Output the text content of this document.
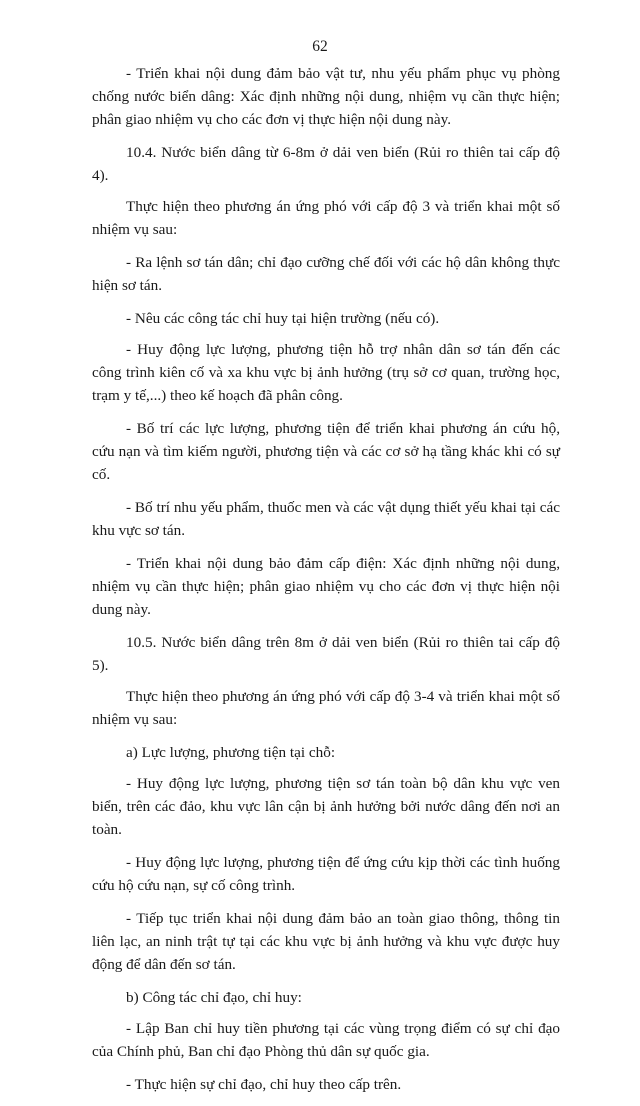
62

- Triển khai nội dung đảm bảo vật tư, nhu yếu phẩm phục vụ phòng chống nước biển dâng: Xác định những nội dung, nhiệm vụ cần thực hiện; phân giao nhiệm vụ cho các đơn vị thực hiện nội dung này.

10.4. Nước biển dâng từ 6-8m ở dải ven biển (Rủi ro thiên tai cấp độ 4).

Thực hiện theo phương án ứng phó với cấp độ 3 và triển khai một số nhiệm vụ sau:

- Ra lệnh sơ tán dân; chỉ đạo cưỡng chế đối với các hộ dân không thực hiện sơ tán.

- Nêu các công tác chỉ huy tại hiện trường (nếu có).

- Huy động lực lượng, phương tiện hỗ trợ nhân dân sơ tán đến các công trình kiên cố và xa khu vực bị ảnh hưởng (trụ sở cơ quan, trường học, trạm y tế,...) theo kế hoạch đã phân công.

- Bố trí các lực lượng, phương tiện để triển khai phương án cứu hộ, cứu nạn và tìm kiếm người, phương tiện và các cơ sở hạ tầng khác khi có sự cố.

- Bố trí nhu yếu phẩm, thuốc men và các vật dụng thiết yếu khai tại các khu vực sơ tán.

- Triển khai nội dung bảo đảm cấp điện: Xác định những nội dung, nhiệm vụ cần thực hiện; phân giao nhiệm vụ cho các đơn vị thực hiện nội dung này.

10.5. Nước biển dâng trên 8m ở dải ven biển (Rủi ro thiên tai cấp độ 5).

Thực hiện theo phương án ứng phó với cấp độ 3-4 và triển khai một số nhiệm vụ sau:

a) Lực lượng, phương tiện tại chỗ:

- Huy động lực lượng, phương tiện sơ tán toàn bộ dân khu vực ven biển, trên các đảo, khu vực lân cận bị ảnh hưởng bởi nước dâng đến nơi an toàn.

- Huy động lực lượng, phương tiện để ứng cứu kịp thời các tình huống cứu hộ cứu nạn, sự cố công trình.

- Tiếp tục triển khai nội dung đảm bảo an toàn giao thông, thông tin liên lạc, an ninh trật tự tại các khu vực bị ảnh hưởng và khu vực được huy động để dân đến sơ tán.

b) Công tác chỉ đạo, chỉ huy:

- Lập Ban chỉ huy tiền phương tại các vùng trọng điểm có sự chỉ đạo của Chính phủ, Ban chỉ đạo Phòng thủ dân sự quốc gia.

- Thực hiện sự chỉ đạo, chỉ huy theo cấp trên.
